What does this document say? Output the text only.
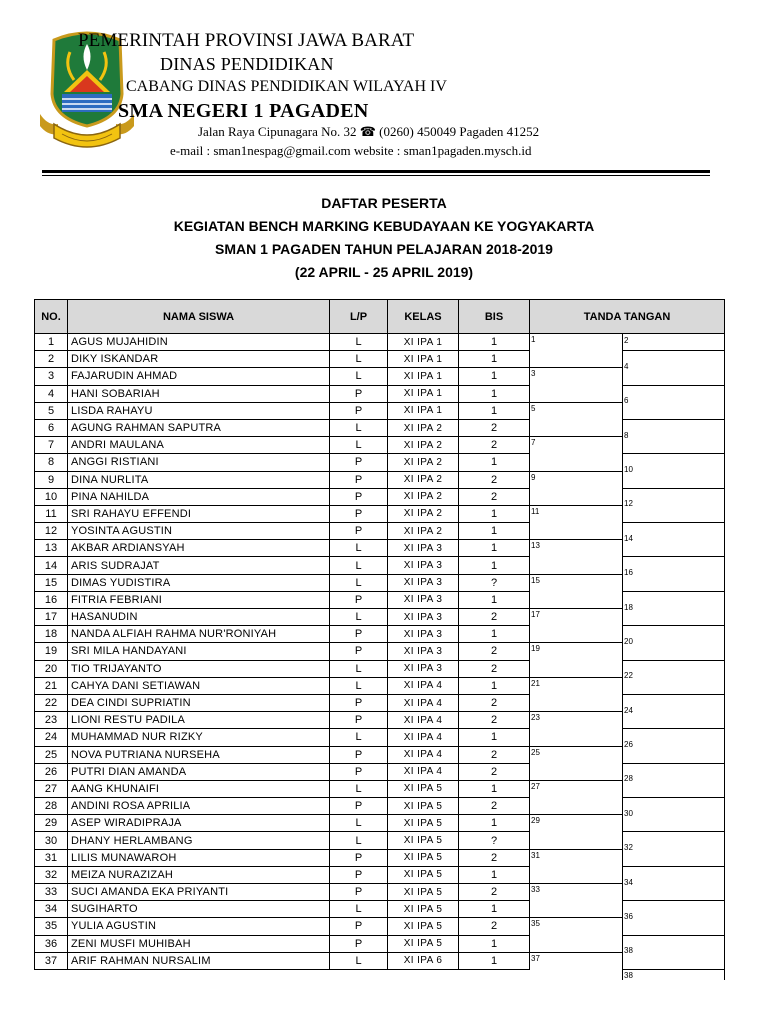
PEMERINTAH PROVINSI JAWA BARAT
DINAS PENDIDIKAN
CABANG DINAS PENDIDIKAN WILAYAH IV
SMA NEGERI 1 PAGADEN
Jalan Raya Cipunagara No. 32 ☎ (0260) 450049 Pagaden 41252
e-mail : sman1nespag@gmail.com website : sman1pagaden.mysch.id
DAFTAR PESERTA
KEGIATAN BENCH MARKING KEBUDAYAAN KE YOGYAKARTA
SMAN 1 PAGADEN TAHUN PELAJARAN 2018-2019
(22 APRIL - 25 APRIL 2019)
NO.	NAMA SISWA	L/P	KELAS	BIS	TANDA TANGAN	
1	AGUS MUJAHIDIN	L	XI IPA 1	1	1	2

2	DIKY ISKANDAR	L	XI IPA 1	1		4

3	FAJARUDIN AHMAD	L	XI IPA 1	1	3	

4	HANI SOBARIAH	P	XI IPA 1	1		6

5	LISDA RAHAYU	P	XI IPA 1	1	5	

6	AGUNG RAHMAN SAPUTRA	L	XI IPA 2	2		8

7	ANDRI MAULANA	L	XI IPA 2	2	7	

8	ANGGI RISTIANI	P	XI IPA 2	1		10

9	DINA NURLITA	P	XI IPA 2	2	9	

10	PINA NAHILDA	P	XI IPA 2	2		12

11	SRI RAHAYU EFFENDI	P	XI IPA 2	1	11	

12	YOSINTA AGUSTIN	P	XI IPA 2	1		14

13	AKBAR ARDIANSYAH	L	XI IPA 3	1	13	

14	ARIS SUDRAJAT	L	XI IPA 3	1		16

15	DIMAS YUDISTIRA	L	XI IPA 3	?	15	

16	FITRIA FEBRIANI	P	XI IPA 3	1		18

17	HASANUDIN	L	XI IPA 3	2	17	

18	NANDA ALFIAH RAHMA NUR'RONIYAH	P	XI IPA 3	1		20

19	SRI MILA HANDAYANI	P	XI IPA 3	2	19	

20	TIO TRIJAYANTO	L	XI IPA 3	2		22

21	CAHYA DANI SETIAWAN	L	XI IPA 4	1	21	

22	DEA CINDI SUPRIATIN	P	XI IPA 4	2		24

23	LIONI RESTU PADILA	P	XI IPA 4	2	23	

24	MUHAMMAD NUR RIZKY	L	XI IPA 4	1		26

25	NOVA PUTRIANA NURSEHA	P	XI IPA 4	2	25	

26	PUTRI DIAN AMANDA	P	XI IPA 4	2		28

27	AANG KHUNAIFI	L	XI IPA 5	1	27	

28	ANDINI ROSA APRILIA	P	XI IPA 5	2		30

29	ASEP WIRADIPRAJA	L	XI IPA 5	1	29	

30	DHANY HERLAMBANG	L	XI IPA 5	?		32

31	LILIS MUNAWAROH	P	XI IPA 5	2	31	

32	MEIZA NURAZIZAH	P	XI IPA 5	1		34

33	SUCI AMANDA EKA PRIYANTI	P	XI IPA 5	2	33	

34	SUGIHARTO	L	XI IPA 5	1		36

35	YULIA AGUSTIN	P	XI IPA 5	2	35	

36	ZENI MUSFI MUHIBAH	P	XI IPA 5	1		38

37	ARIF RAHMAN NURSALIM	L	XI IPA 6	1	37	

						38
